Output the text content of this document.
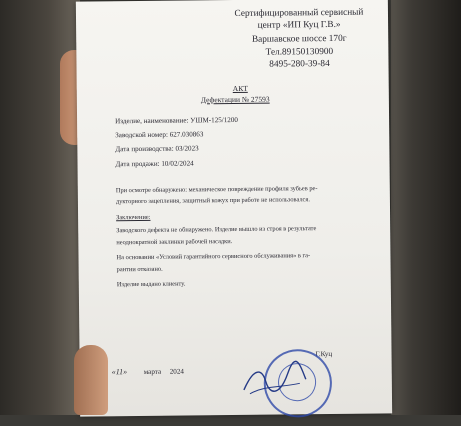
Сертифицированный сервисный
центр «ИП Куц Г.В.»
Варшавское шоссе 170г
Тел.89150130900
8495-280-39-84
АКТ
Дефектации № 27593
Изделие, наименование: УШМ-125/1200
Заводской номер: 627.030863
Дата производства: 03/2023
Дата продажи: 10/02/2024
При осмотре обнаружено: механическое повреждение профиля зубьев ре-
дукторного зацепления, защитный кожух при работе не использовался.
Заключение:
Заводского дефекта не обнаружено. Изделие вышло из строя в результате
неоднократной заклинки рабочей насадки.
На основании «Условий гарантийного сервисного обслуживания» в га-
рантии отказано.
Изделие выдано клиенту.
«11» марта 2024
Г.Куц
